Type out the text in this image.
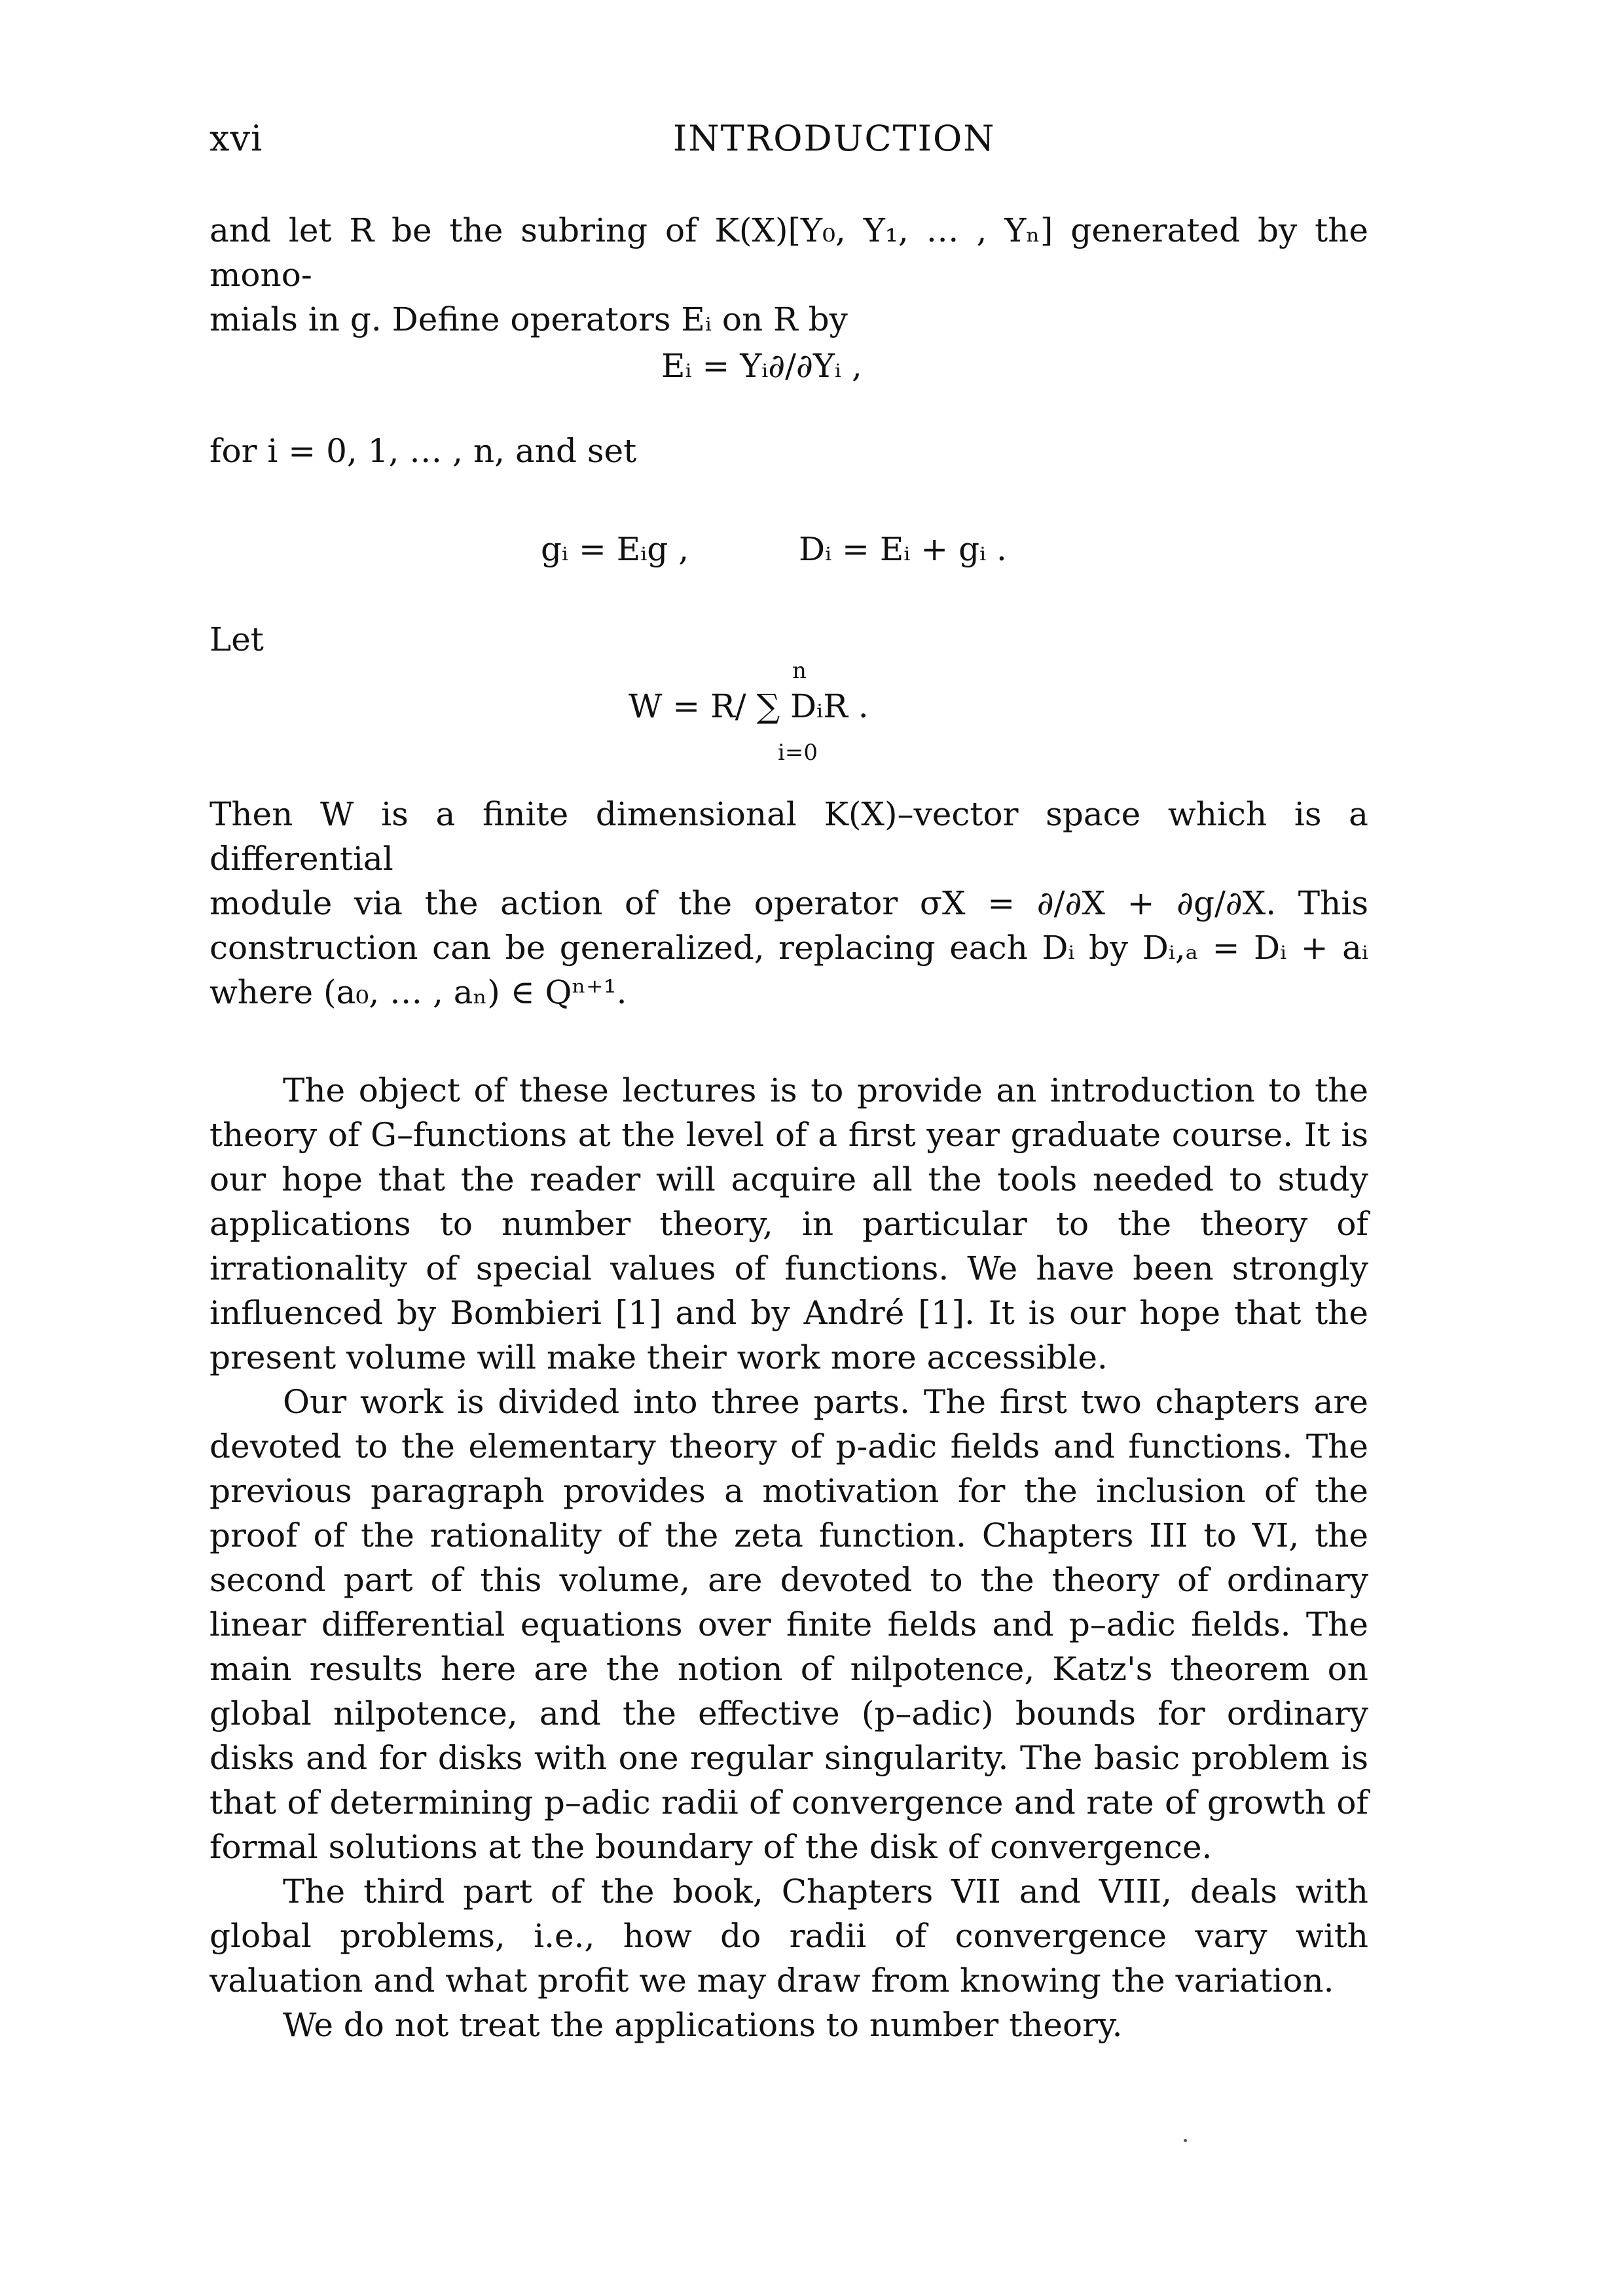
xvi	INTRODUCTION
and let R be the subring of K(X)[Y₀, Y₁, … , Yₙ] generated by the mono-
mials in g. Define operators Eᵢ on R by
Eᵢ = Yᵢ∂/∂Yᵢ ,
for i = 0, 1, … , n, and set
gᵢ = Eᵢg ,	Dᵢ = Eᵢ + gᵢ .
Let
n
W = R/ ∑ DᵢR .
i=0
Then W is a finite dimensional K(X)–vector space which is a differential
module via the action of the operator σX = ∂/∂X + ∂g/∂X. This
construction can be generalized, replacing each Dᵢ by Dᵢ,ₐ = Dᵢ + aᵢ
where (a₀, … , aₙ) ∈ Qⁿ⁺¹.
The object of these lectures is to provide an introduction to the theory of G–functions at the level of a first year graduate course. It is our hope that the reader will acquire all the tools needed to study applications to number theory, in particular to the theory of irrationality of special values of functions. We have been strongly influenced by Bombieri [1] and by André [1]. It is our hope that the present volume will make their work more accessible.
Our work is divided into three parts. The first two chapters are devoted to the elementary theory of p-adic fields and functions. The previous paragraph provides a motivation for the inclusion of the proof of the rationality of the zeta function. Chapters III to VI, the second part of this volume, are devoted to the theory of ordinary linear differential equations over finite fields and p–adic fields. The main results here are the notion of nilpotence, Katz's theorem on global nilpotence, and the effective (p–adic) bounds for ordinary disks and for disks with one regular singularity. The basic problem is that of determining p–adic radii of convergence and rate of growth of formal solutions at the boundary of the disk of convergence.
The third part of the book, Chapters VII and VIII, deals with global problems, i.e., how do radii of convergence vary with valuation and what profit we may draw from knowing the variation.
We do not treat the applications to number theory.
